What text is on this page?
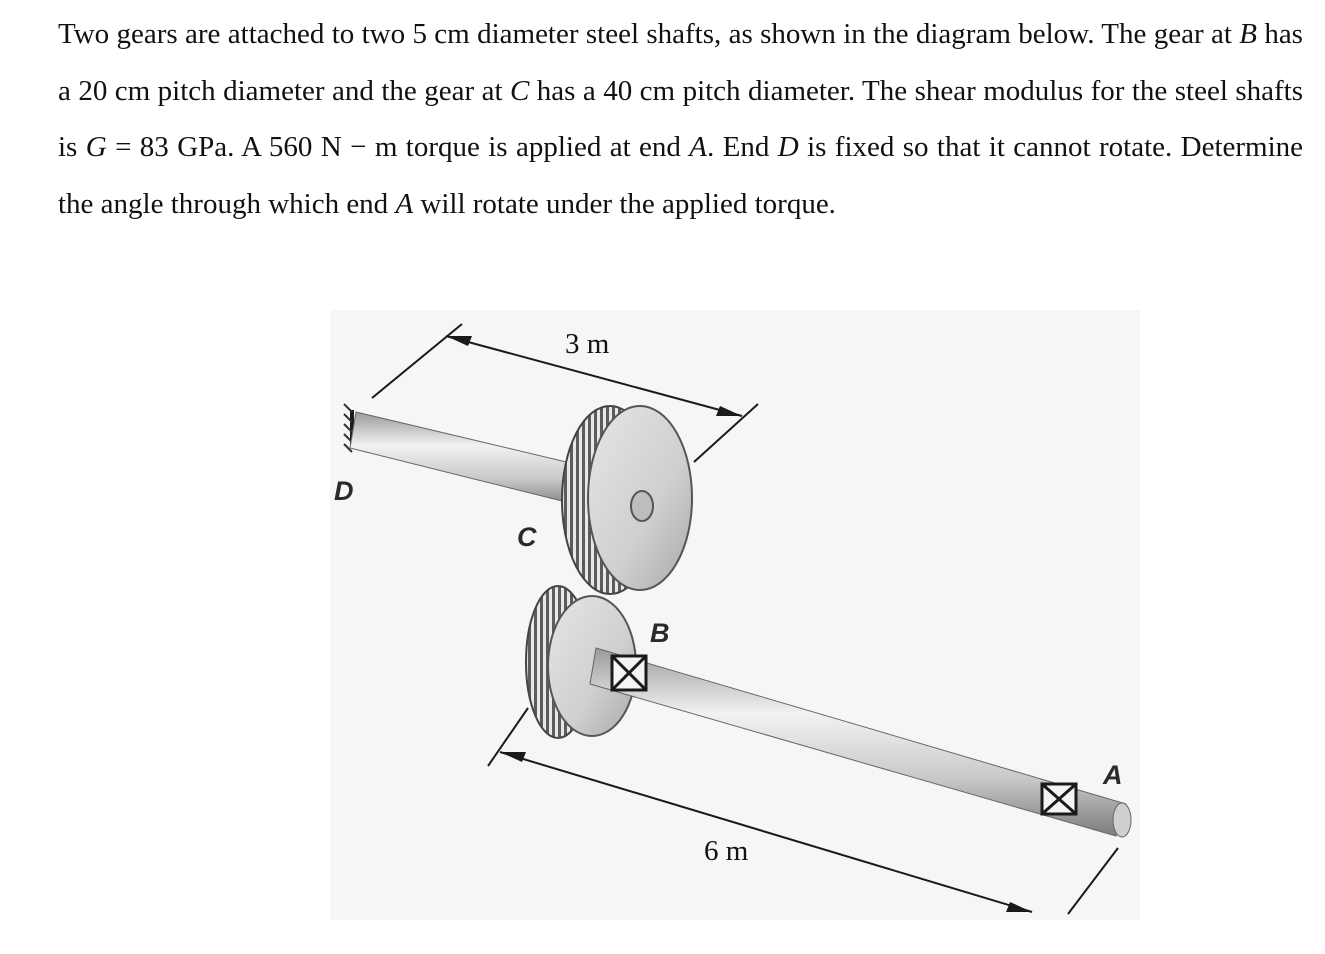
Two gears are attached to two 5 cm diameter steel shafts, as shown in the diagram below. The gear at B has a 20 cm pitch diameter and the gear at C has a 40 cm pitch diameter. The shear modulus for the steel shafts is G = 83 GPa. A 560 N − m torque is applied at end A. End D is fixed so that it cannot rotate. Determine the angle through which end A will rotate under the applied torque.

3 m
6 m
D
C
B
A
